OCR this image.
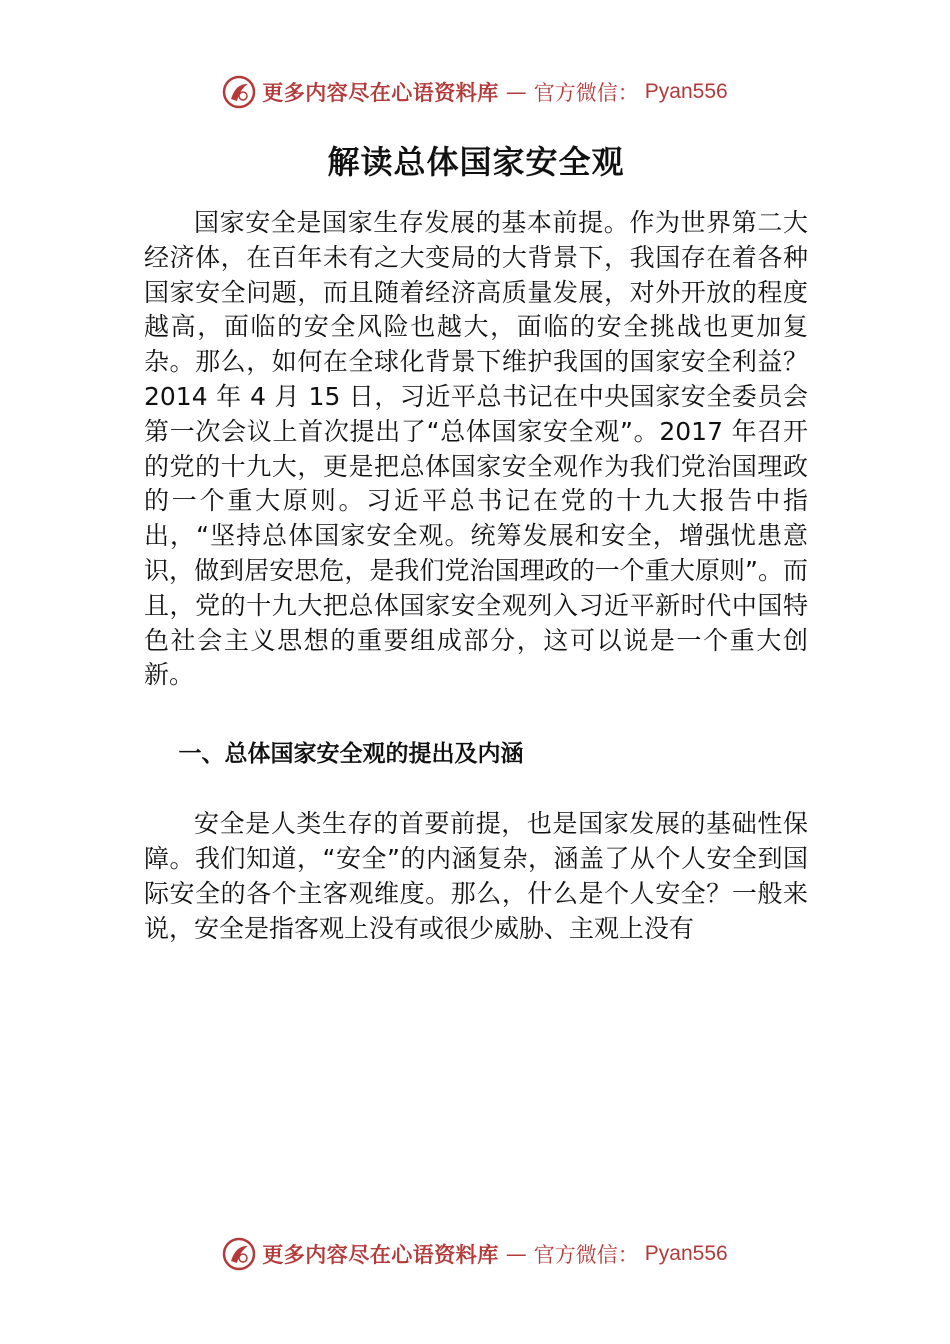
更多内容尽在心语资料库 — 官方微信： Pyan556
解读总体国家安全观

国家安全是国家生存发展的基本前提。作为世界第二大经济体，在百年未有之大变局的大背景下，我国存在着各种国家安全问题，而且随着经济高质量发展，对外开放的程度越高，面临的安全风险也越大，面临的安全挑战也更加复杂。那么，如何在全球化背景下维护我国的国家安全利益？2014 年 4 月 15 日，习近平总书记在中央国家安全委员会第一次会议上首次提出了“总体国家安全观”。2017 年召开的党的十九大，更是把总体国家安全观作为我们党治国理政的一个重大原则。习近平总书记在党的十九大报告中指出，“坚持总体国家安全观。统筹发展和安全，增强忧患意识，做到居安思危，是我们党治国理政的一个重大原则”。而且，党的十九大把总体国家安全观列入习近平新时代中国特色社会主义思想的重要组成部分，这可以说是一个重大创新。

一、总体国家安全观的提出及内涵

安全是人类生存的首要前提，也是国家发展的基础性保障。我们知道，“安全”的内涵复杂，涵盖了从个人安全到国际安全的各个主客观维度。那么，什么是个人安全？一般来说，安全是指客观上没有或很少威胁、主观上没有

更多内容尽在心语资料库 — 官方微信： Pyan556
